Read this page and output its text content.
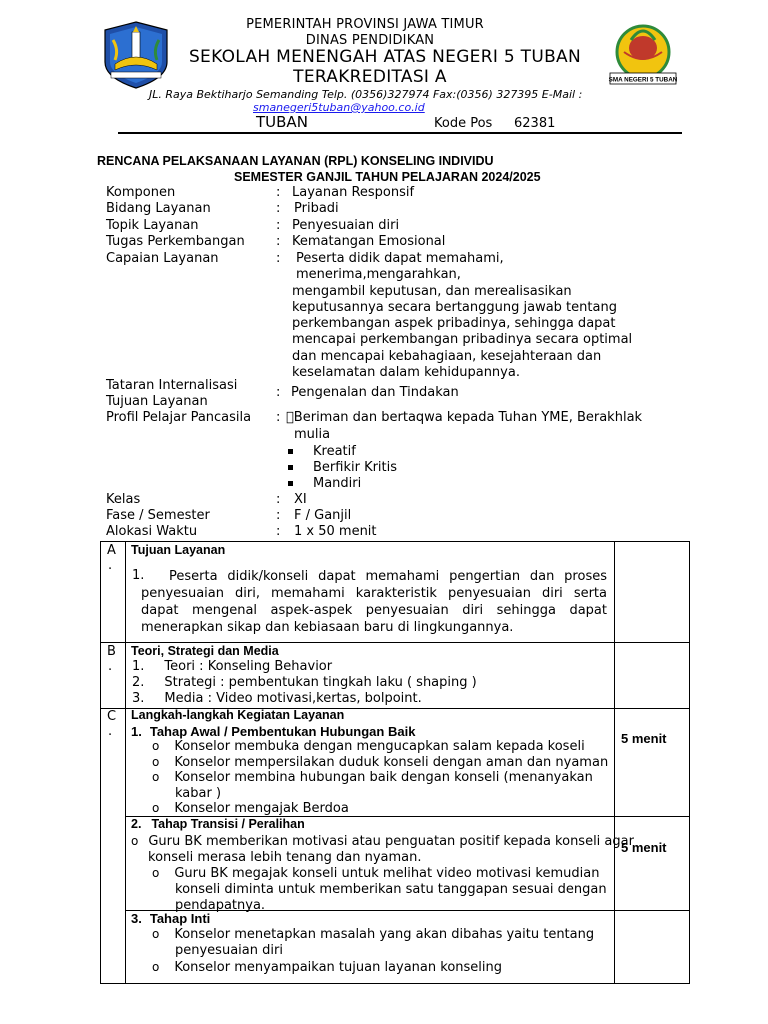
PEMERINTAH PROVINSI JAWA TIMUR
DINAS PENDIDIKAN
SEKOLAH MENENGAH ATAS NEGERI 5 TUBAN
TERAKREDITASI A
JL. Raya Bektiharjo Semanding Telp. (0356)327974 Fax:(0356) 327395 E-Mail :
smanegeri5tuban@yahoo.co.id
TUBAN	Kode Pos 62381
SMA NEGERI 5 TUBAN
RENCANA PELAKSANAAN LAYANAN (RPL) KONSELING INDIVIDU
SEMESTER GANJIL TAHUN PELAJARAN 2024/2025
Komponen	: Layanan Responsif
Bidang Layanan	: Pribadi
Topik Layanan	: Penyesuaian diri
Tugas Perkembangan : Kematangan Emosional
Capaian Layanan	:	Peserta didik dapat memahami, menerima,mengarahkan,
mengambil keputusan, dan merealisasikan
keputusannya secara bertanggung jawab tentang
perkembangan aspek pribadinya, sehingga dapat
mencapai perkembangan pribadinya secara optimal
dan mencapai kebahagiaan, kesejahteraan dan
keselamatan dalam kehidupannya.
Tataran Internalisasi
Tujuan Layanan
: Pengenalan dan Tindakan
Profil Pelajar Pancasila : Beriman dan bertaqwa kepada Tuhan YME, Berakhlak
mulia
Kreatif
Berfikir Kritis
Mandiri
Kelas	: XI
Fase / Semester	: F / Ganjil
Alokasi Waktu	: 1 x 50 menit
A
.
Tujuan Layanan
1.	Peserta didik/konseli dapat memahami pengertian dan proses
penyesuaian diri, memahami karakteristik penyesuaian diri serta
dapat mengenal aspek-aspek penyesuaian diri sehingga dapat
menerapkan sikap dan kebiasaan baru di lingkungannya.
B
.
Teori, Strategi dan Media
1. Teori : Konseling Behavior
2. Strategi : pembentukan tingkah laku ( shaping )
3. Media : Video motivasi,kertas, bolpoint.
C
.
Langkah-langkah Kegiatan Layanan
1. Tahap Awal / Pembentukan Hubungan Baik
o Konselor membuka dengan mengucapkan salam kepada koseli
o Konselor mempersilakan duduk konseli dengan aman dan nyaman
o Konselor membina hubungan baik dengan konseli (menanyakan
kabar )
o Konselor mengajak Berdoa
5 menit
2. Tahap Transisi / Peralihan
o Guru BK memberikan motivasi atau penguatan positif kepada konseli agar
konseli merasa lebih tenang dan nyaman.
o Guru BK megajak konseli untuk melihat video motivasi kemudian
konseli diminta untuk memberikan satu tanggapan sesuai dengan
pendapatnya.
5 menit
3. Tahap Inti
o Konselor menetapkan masalah yang akan dibahas yaitu tentang
penyesuaian diri
o Konselor menyampaikan tujuan layanan konseling
